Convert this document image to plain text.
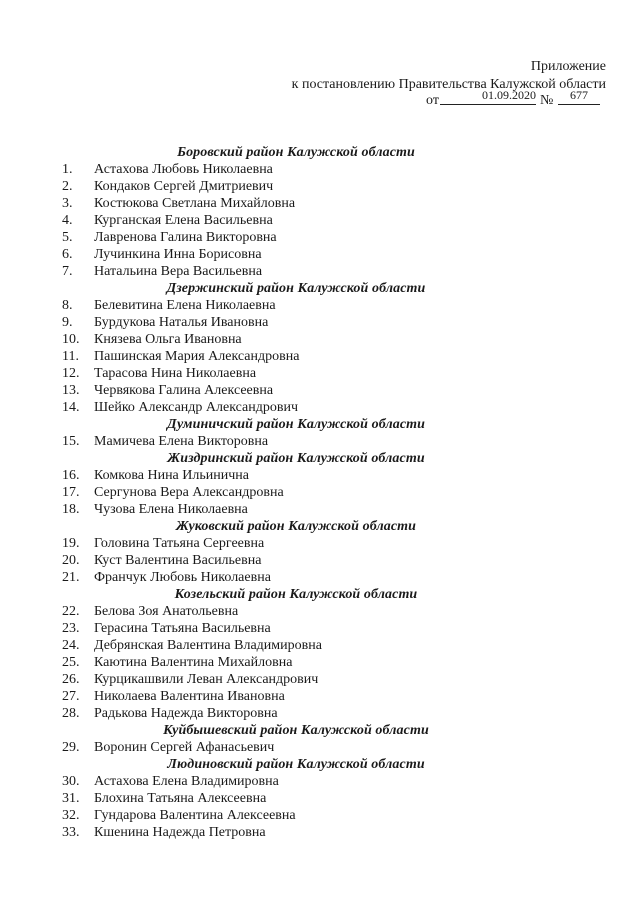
Приложение
к постановлению Правительства Калужской области
от	01.09.2020 №	677
Боровский район Калужской области
1.	Астахова Любовь Николаевна
2.	Кондаков Сергей Дмитриевич
3.	Костюкова Светлана Михайловна
4.	Курганская Елена Васильевна
5.	Лавренова Галина Викторовна
6.	Лучинкина Инна Борисовна
7.	Натальина Вера Васильевна
Дзержинский район Калужской области
8.	Белевитина Елена Николаевна
9.	Бурдукова Наталья Ивановна
10.	Князева Ольга Ивановна
11.	Пашинская Мария Александровна
12.	Тарасова Нина Николаевна
13.	Червякова Галина Алексеевна
14.	Шейко Александр Александрович
Думиничский район Калужской области
15.	Мамичева Елена Викторовна
Жиздринский район Калужской области
16.	Комкова Нина Ильинична
17.	Сергунова Вера Александровна
18.	Чузова Елена Николаевна
Жуковский район Калужской области
19.	Головина Татьяна Сергеевна
20.	Куст Валентина Васильевна
21.	Франчук Любовь Николаевна
Козельский район Калужской области
22.	Белова Зоя Анатольевна
23.	Герасина Татьяна Васильевна
24.	Дебрянская Валентина Владимировна
25.	Каютина Валентина Михайловна
26.	Курцикашвили Леван Александрович
27.	Николаева Валентина Ивановна
28.	Радькова Надежда Викторовна
Куйбышевский район Калужской области
29.	Воронин Сергей Афанасьевич
Людиновский район Калужской области
30.	Астахова Елена Владимировна
31.	Блохина Татьяна Алексеевна
32.	Гундарова Валентина Алексеевна
33.	Кшенина Надежда Петровна
